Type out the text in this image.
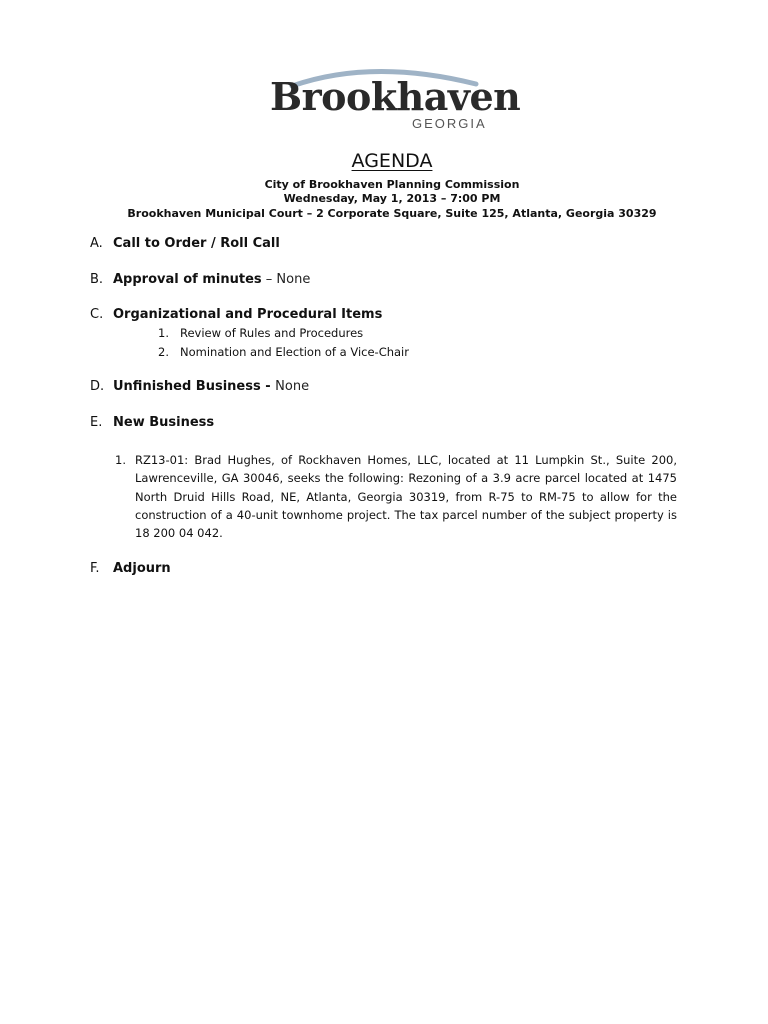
Brookhaven
GEORGIA
AGENDA
City of Brookhaven Planning Commission
Wednesday, May 1, 2013 – 7:00 PM
Brookhaven Municipal Court – 2 Corporate Square, Suite 125, Atlanta, Georgia 30329
A. Call to Order / Roll Call
B. Approval of minutes – None
C. Organizational and Procedural Items
1. Review of Rules and Procedures
2. Nomination and Election of a Vice-Chair
D. Unfinished Business - None
E. New Business
1. RZ13-01: Brad Hughes, of Rockhaven Homes, LLC, located at 11 Lumpkin St., Suite 200, Lawrenceville, GA 30046, seeks the following: Rezoning of a 3.9 acre parcel located at 1475 North Druid Hills Road, NE, Atlanta, Georgia 30319, from R-75 to RM-75 to allow for the construction of a 40-unit townhome project. The tax parcel number of the subject property is 18 200 04 042.
F. Adjourn
